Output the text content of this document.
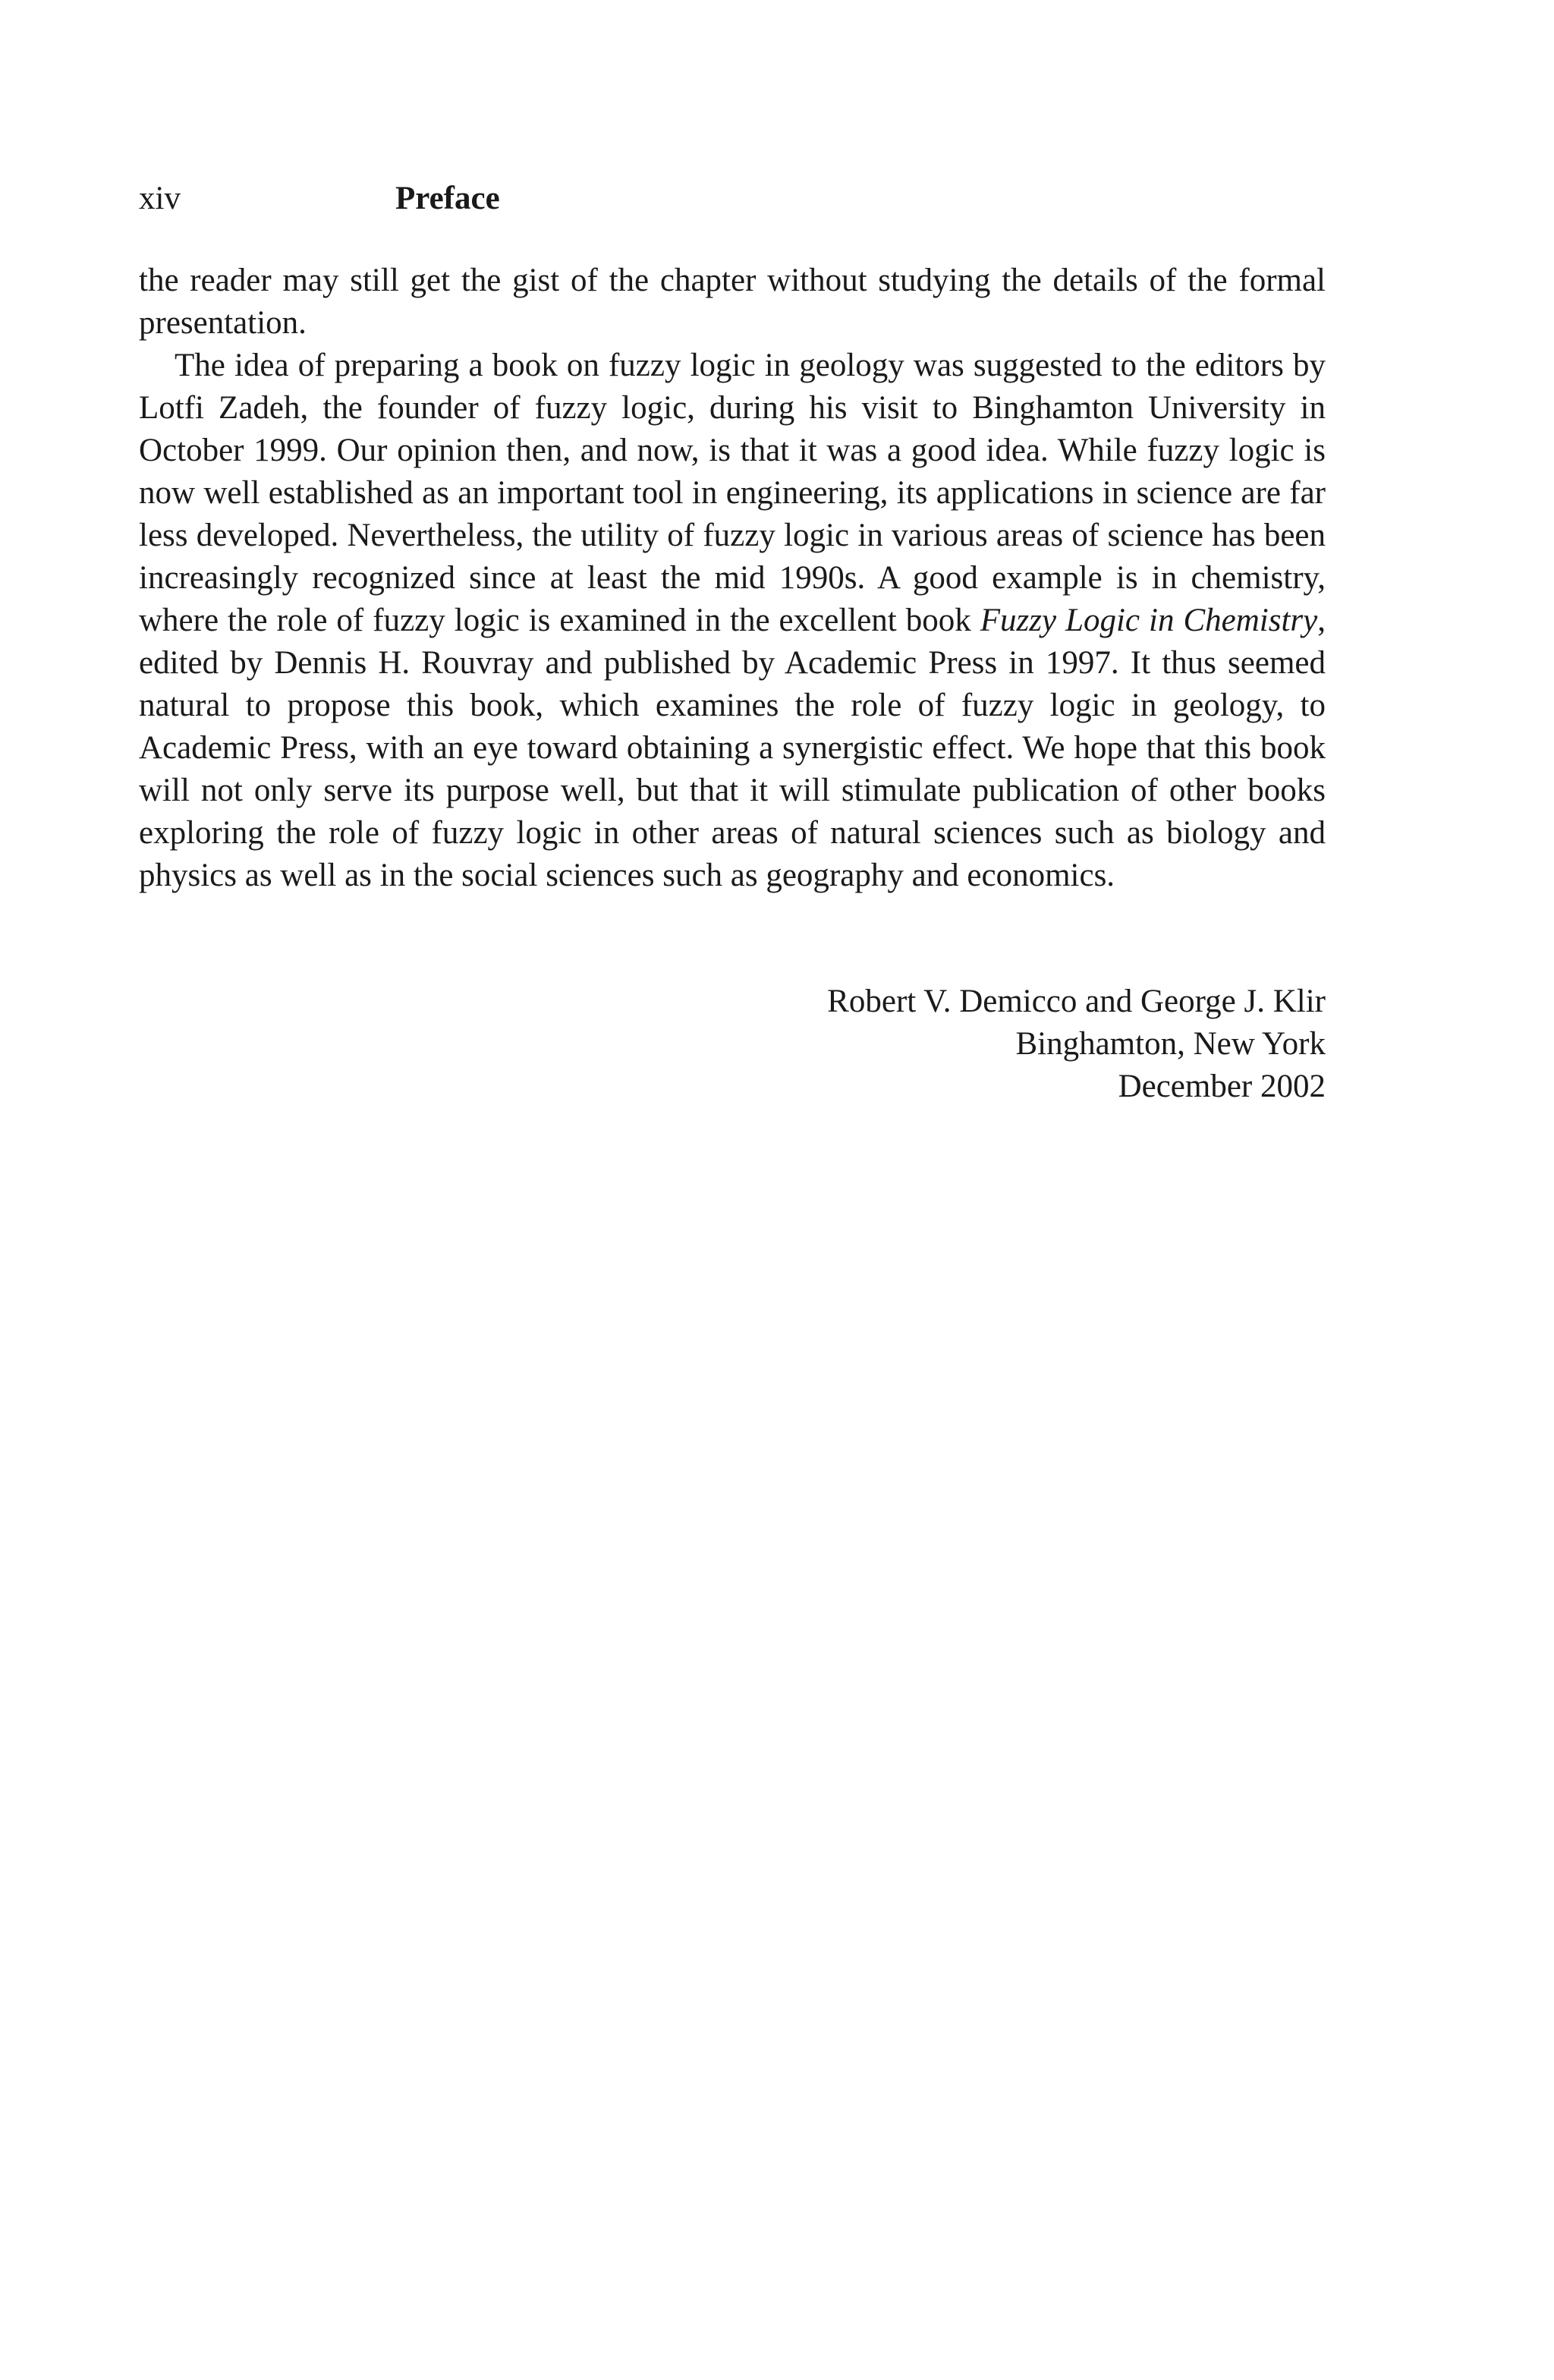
xiv	Preface

the reader may still get the gist of the chapter without studying the details of the formal presentation.

The idea of preparing a book on fuzzy logic in geology was suggested to the editors by Lotfi Zadeh, the founder of fuzzy logic, during his visit to Binghamton University in October 1999. Our opinion then, and now, is that it was a good idea. While fuzzy logic is now well established as an important tool in engineering, its applications in science are far less developed. Nevertheless, the utility of fuzzy logic in various areas of science has been increasingly recognized since at least the mid 1990s. A good example is in chemistry, where the role of fuzzy logic is examined in the excellent book Fuzzy Logic in Chemistry, edited by Dennis H. Rouvray and published by Academic Press in 1997. It thus seemed natural to propose this book, which examines the role of fuzzy logic in geology, to Academic Press, with an eye toward obtaining a synergistic effect. We hope that this book will not only serve its purpose well, but that it will stimulate publication of other books exploring the role of fuzzy logic in other areas of natural sciences such as biology and physics as well as in the social sciences such as geography and economics.

Robert V. Demicco and George J. Klir
Binghamton, New York
December 2002
